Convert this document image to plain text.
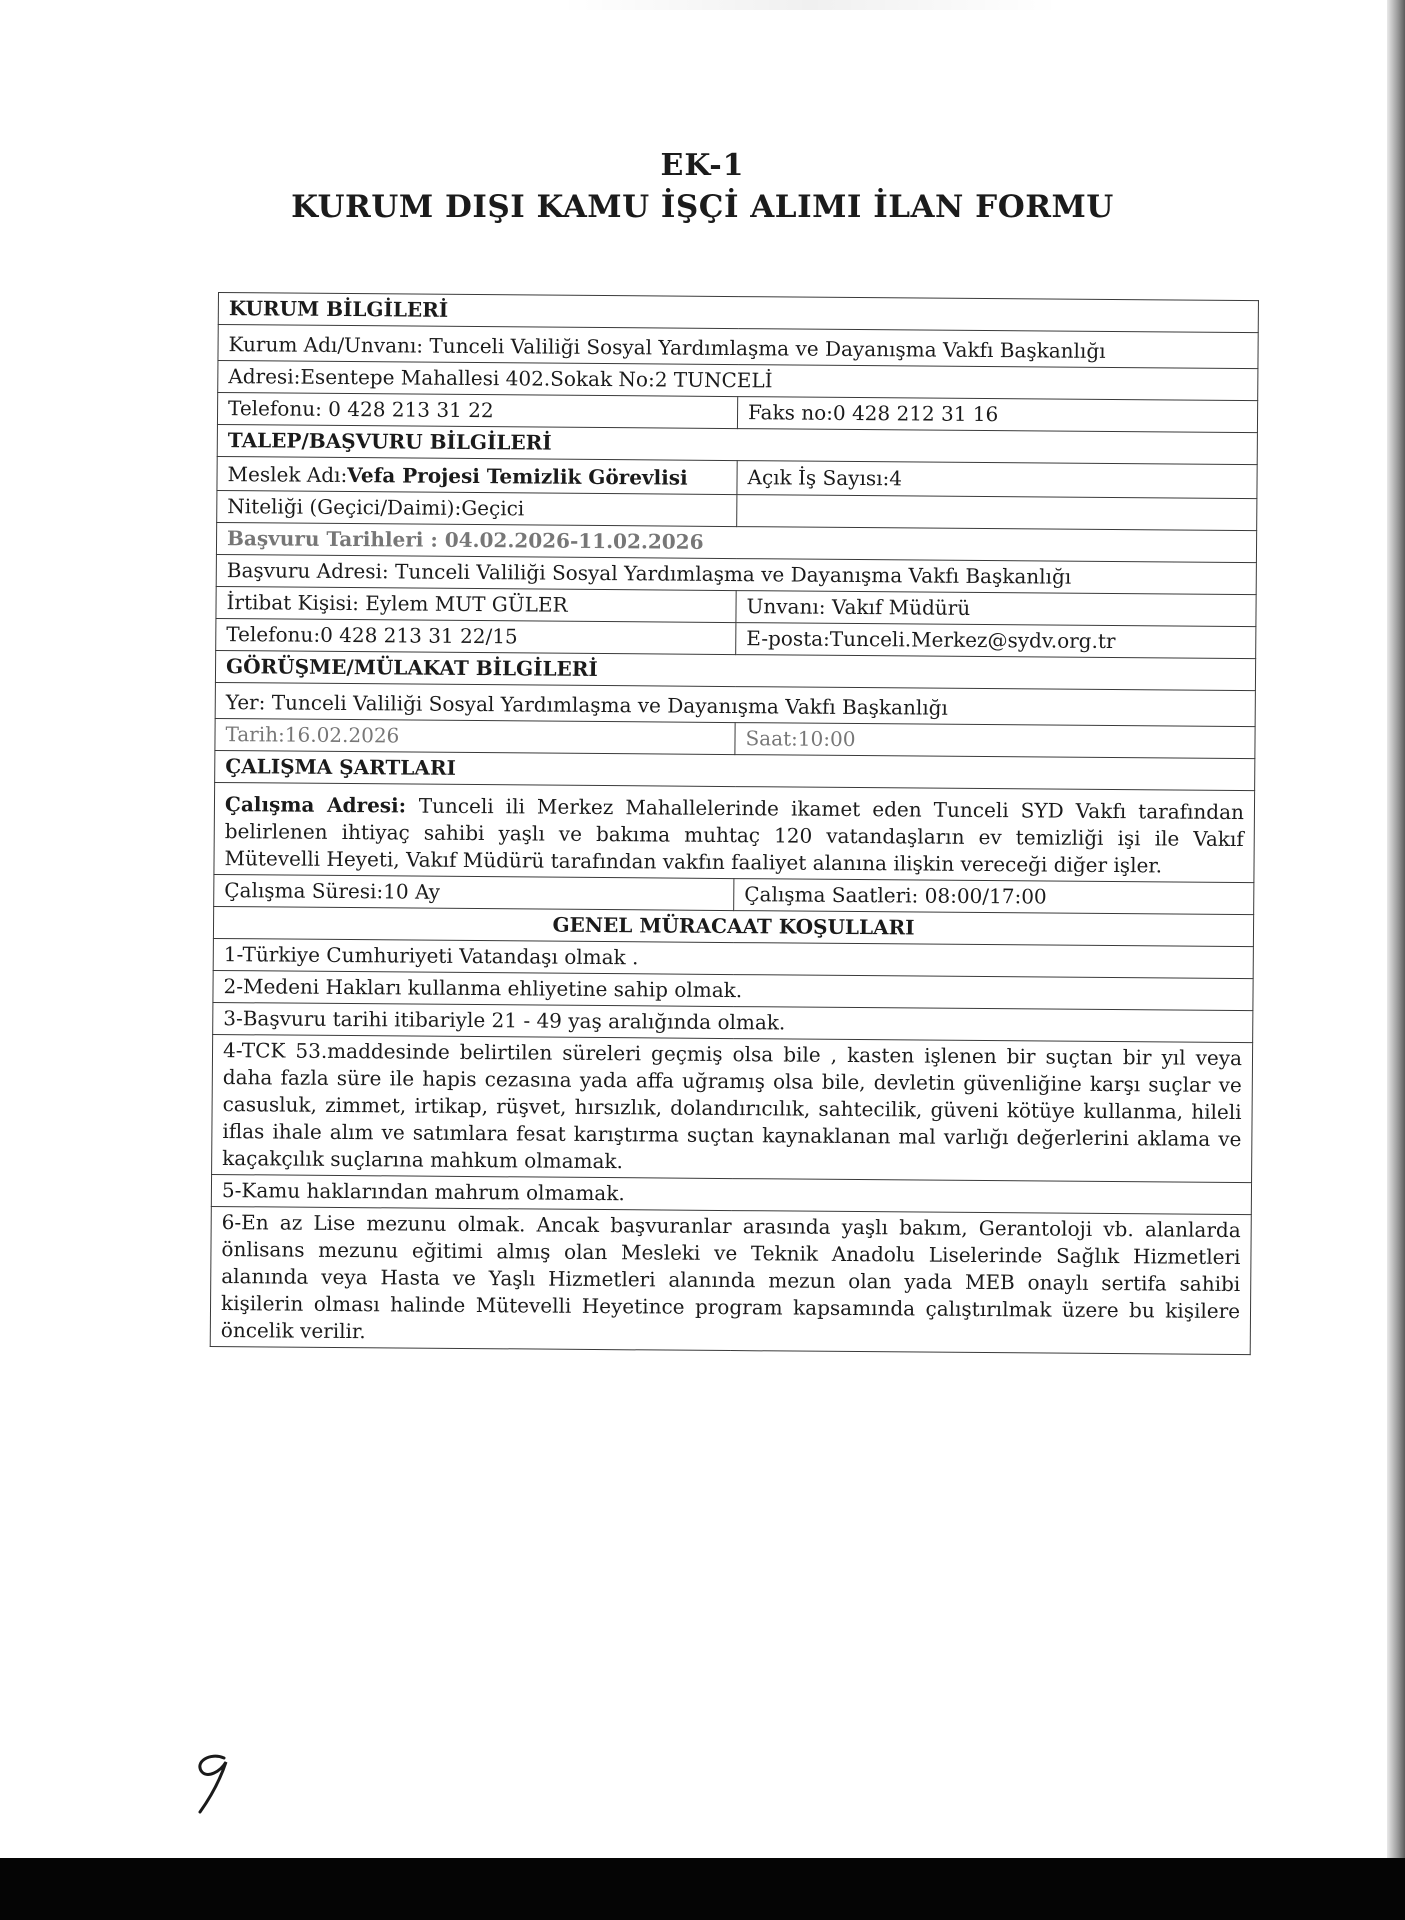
EK-1
KURUM DIŞI KAMU İŞÇİ ALIMI İLAN FORMU
KURUM BİLGİLERİ	
Kurum Adı/Unvanı: Tunceli Valiliği Sosyal Yardımlaşma ve Dayanışma Vakfı Başkanlığı	
Adresi:Esentepe Mahallesi 402.Sokak No:2 TUNCELİ	
Telefonu: 0 428 213 31 22	Faks no:0 428 212 31 16
TALEP/BAŞVURU BİLGİLERİ	
Meslek Adı:Vefa Projesi Temizlik Görevlisi	Açık İş Sayısı:4
Niteliği (Geçici/Daimi):Geçici	
Başvuru Tarihleri : 04.02.2026-11.02.2026	
Başvuru Adresi: Tunceli Valiliği Sosyal Yardımlaşma ve Dayanışma Vakfı Başkanlığı	
İrtibat Kişisi: Eylem MUT GÜLER	Unvanı: Vakıf Müdürü
Telefonu:0 428 213 31 22/15	E-posta:Tunceli.Merkez@sydv.org.tr
GÖRÜŞME/MÜLAKAT BİLGİLERİ	
Yer: Tunceli Valiliği Sosyal Yardımlaşma ve Dayanışma Vakfı Başkanlığı	
Tarih:16.02.2026	Saat:10:00
ÇALIŞMA ŞARTLARI	
Çalışma Adresi: Tunceli ili Merkez Mahallelerinde ikamet eden Tunceli SYD Vakfı tarafından belirlenen ihtiyaç sahibi yaşlı ve bakıma muhtaç 120 vatandaşların ev temizliği işi ile Vakıf Mütevelli Heyeti, Vakıf Müdürü tarafından vakfın faaliyet alanına ilişkin vereceği diğer işler.	
Çalışma Süresi:10 Ay	Çalışma Saatleri: 08:00/17:00
GENEL MÜRACAAT KOŞULLARI	
1-Türkiye Cumhuriyeti Vatandaşı olmak .	
2-Medeni Hakları kullanma ehliyetine sahip olmak.	
3-Başvuru tarihi itibariyle 21 - 49 yaş aralığında olmak.	
4-TCK 53.maddesinde belirtilen süreleri geçmiş olsa bile , kasten işlenen bir suçtan bir yıl veya daha fazla süre ile hapis cezasına yada affa uğramış olsa bile, devletin güvenliğine karşı suçlar ve casusluk, zimmet, irtikap, rüşvet, hırsızlık, dolandırıcılık, sahtecilik, güveni kötüye kullanma, hileli iflas ihale alım ve satımlara fesat karıştırma suçtan kaynaklanan mal varlığı değerlerini aklama ve kaçakçılık suçlarına mahkum olmamak.	
5-Kamu haklarından mahrum olmamak.	
6-En az Lise mezunu olmak. Ancak başvuranlar arasında yaşlı bakım, Gerantoloji vb. alanlarda önlisans mezunu eğitimi almış olan Mesleki ve Teknik Anadolu Liselerinde Sağlık Hizmetleri alanında veya Hasta ve Yaşlı Hizmetleri alanında mezun olan yada MEB onaylı sertifa sahibi kişilerin olması halinde Mütevelli Heyetince program kapsamında çalıştırılmak üzere bu kişilere öncelik verilir.	
